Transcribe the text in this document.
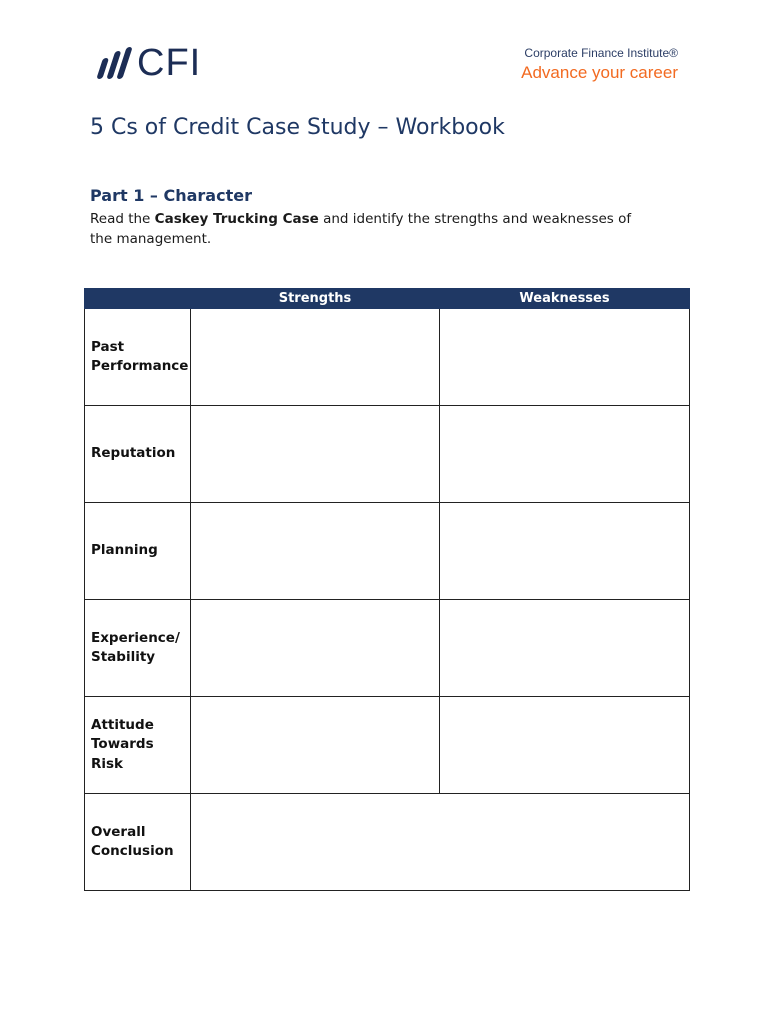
CFI	Corporate Finance Institute®
Advance your career
5 Cs of Credit Case Study – Workbook
Part 1 – Character

Read the Caskey Trucking Case and identify the strengths and weaknesses of the management.

	Strengths	Weaknesses
Past Performance		
Reputation		
Planning		
Experience/ Stability		
Attitude Towards Risk		
Overall Conclusion		
